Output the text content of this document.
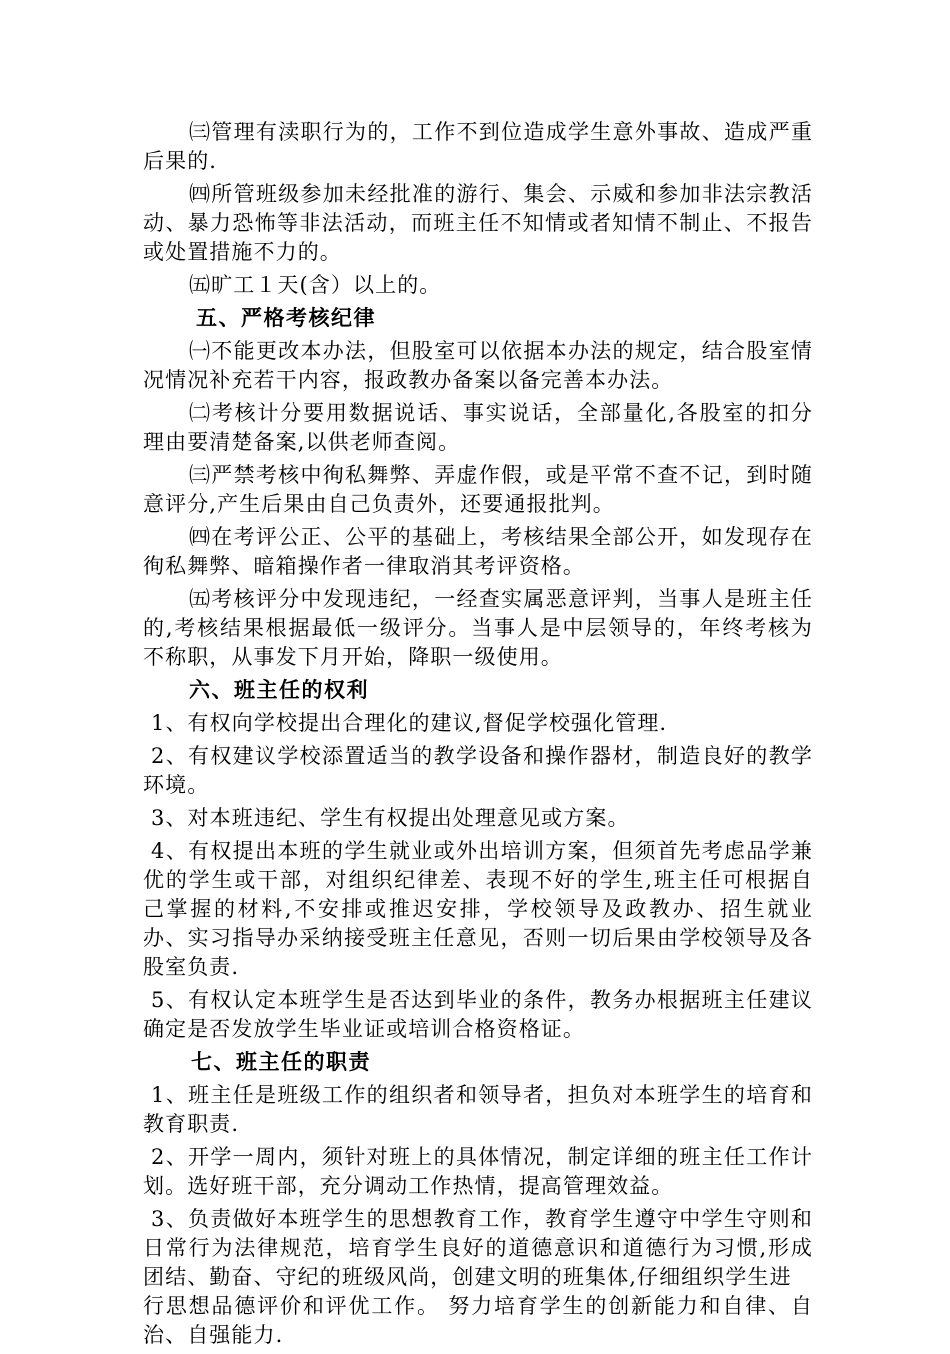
㈢管理有渎职行为的，工作不到位造成学生意外事故、造成严重后果的.
㈣所管班级参加未经批准的游行、集会、示威和参加非法宗教活动、暴力恐怖等非法活动，而班主任不知情或者知情不制止、不报告或处置措施不力的。
㈤旷工１天(含）以上的。
五、严格考核纪律
㈠不能更改本办法，但股室可以依据本办法的规定，结合股室情况情况补充若干内容，报政教办备案以备完善本办法。
㈡考核计分要用数据说话、事实说话，全部量化,各股室的扣分理由要清楚备案,以供老师查阅。
㈢严禁考核中徇私舞弊、弄虚作假，或是平常不查不记，到时随意评分,产生后果由自己负责外，还要通报批判。
㈣在考评公正、公平的基础上，考核结果全部公开，如发现存在徇私舞弊、暗箱操作者一律取消其考评资格。
㈤考核评分中发现违纪，一经查实属恶意评判，当事人是班主任的,考核结果根据最低一级评分。当事人是中层领导的，年终考核为不称职，从事发下月开始，降职一级使用。
六、班主任的权利
1、有权向学校提出合理化的建议,督促学校强化管理.
2、有权建议学校添置适当的教学设备和操作器材，制造良好的教学环境。
3、对本班违纪、学生有权提出处理意见或方案。
4、有权提出本班的学生就业或外出培训方案，但须首先考虑品学兼优的学生或干部，对组织纪律差、表现不好的学生,班主任可根据自己掌握的材料,不安排或推迟安排，学校领导及政教办、招生就业办、实习指导办采纳接受班主任意见，否则一切后果由学校领导及各股室负责.
5、有权认定本班学生是否达到毕业的条件，教务办根据班主任建议确定是否发放学生毕业证或培训合格资格证。
七、班主任的职责
1、班主任是班级工作的组织者和领导者，担负对本班学生的培育和教育职责.
2、开学一周内，须针对班上的具体情况，制定详细的班主任工作计划。选好班干部，充分调动工作热情，提高管理效益。
3、负责做好本班学生的思想教育工作，教育学生遵守中学生守则和日常行为法律规范，培育学生良好的道德意识和道德行为习惯,形成团结、勤奋、守纪的班级风尚，创建文明的班集体,仔细组织学生进
行思想品德评价和评优工作。 努力培育学生的创新能力和自律、自治、自强能力.
